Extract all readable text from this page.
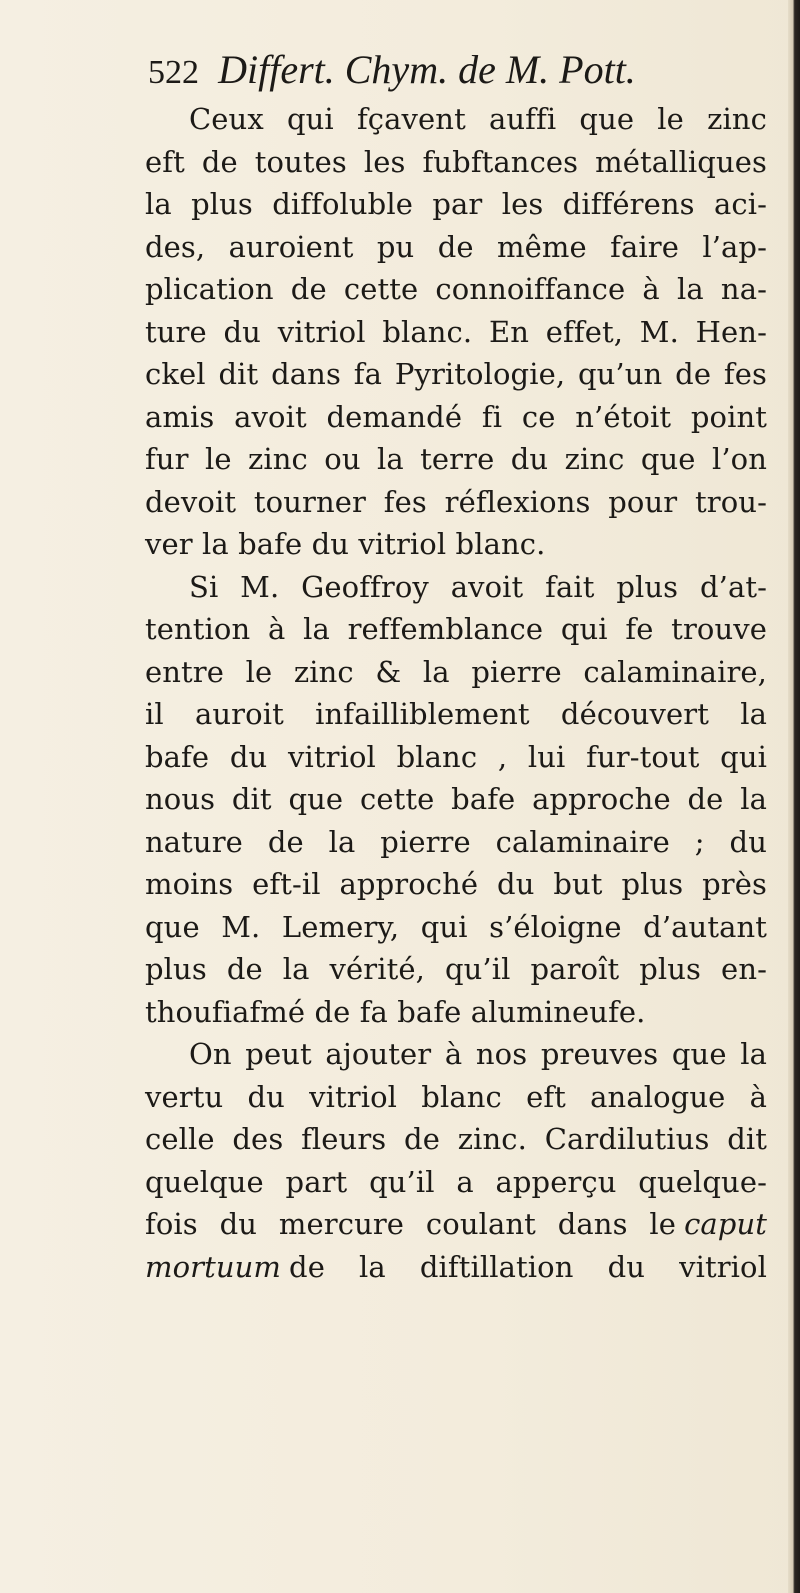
522 Differt. Chym. de M. Pott.
Ceux qui fçavent auffi que le zinc
eft de toutes les fubftances métalliques
la plus diffoluble par les différens aci-
des, auroient pu de même faire l’ap-
plication de cette connoiffance à la na-
ture du vitriol blanc. En effet, M. Hen-
ckel dit dans fa Pyritologie, qu’un de fes
amis avoit demandé fi ce n’étoit point
fur le zinc ou la terre du zinc que l’on
devoit tourner fes réflexions pour trou-
ver la bafe du vitriol blanc.
Si M. Geoffroy avoit fait plus d’at-
tention à la reffemblance qui fe trouve
entre le zinc & la pierre calaminaire,
il auroit infailliblement découvert la
bafe du vitriol blanc , lui fur-tout qui
nous dit que cette bafe approche de la
nature de la pierre calaminaire ; du
moins eft-il approché du but plus près
que M. Lemery, qui s’éloigne d’autant
plus de la vérité, qu’il paroît plus en-
thoufiafmé de fa bafe alumineufe.
On peut ajouter à nos preuves que la
vertu du vitriol blanc eft analogue à
celle des fleurs de zinc. Cardilutius dit
quelque part qu’il a apperçu quelque-
fois du mercure coulant dans le caput
mortuum de la diftillation du vitriol
